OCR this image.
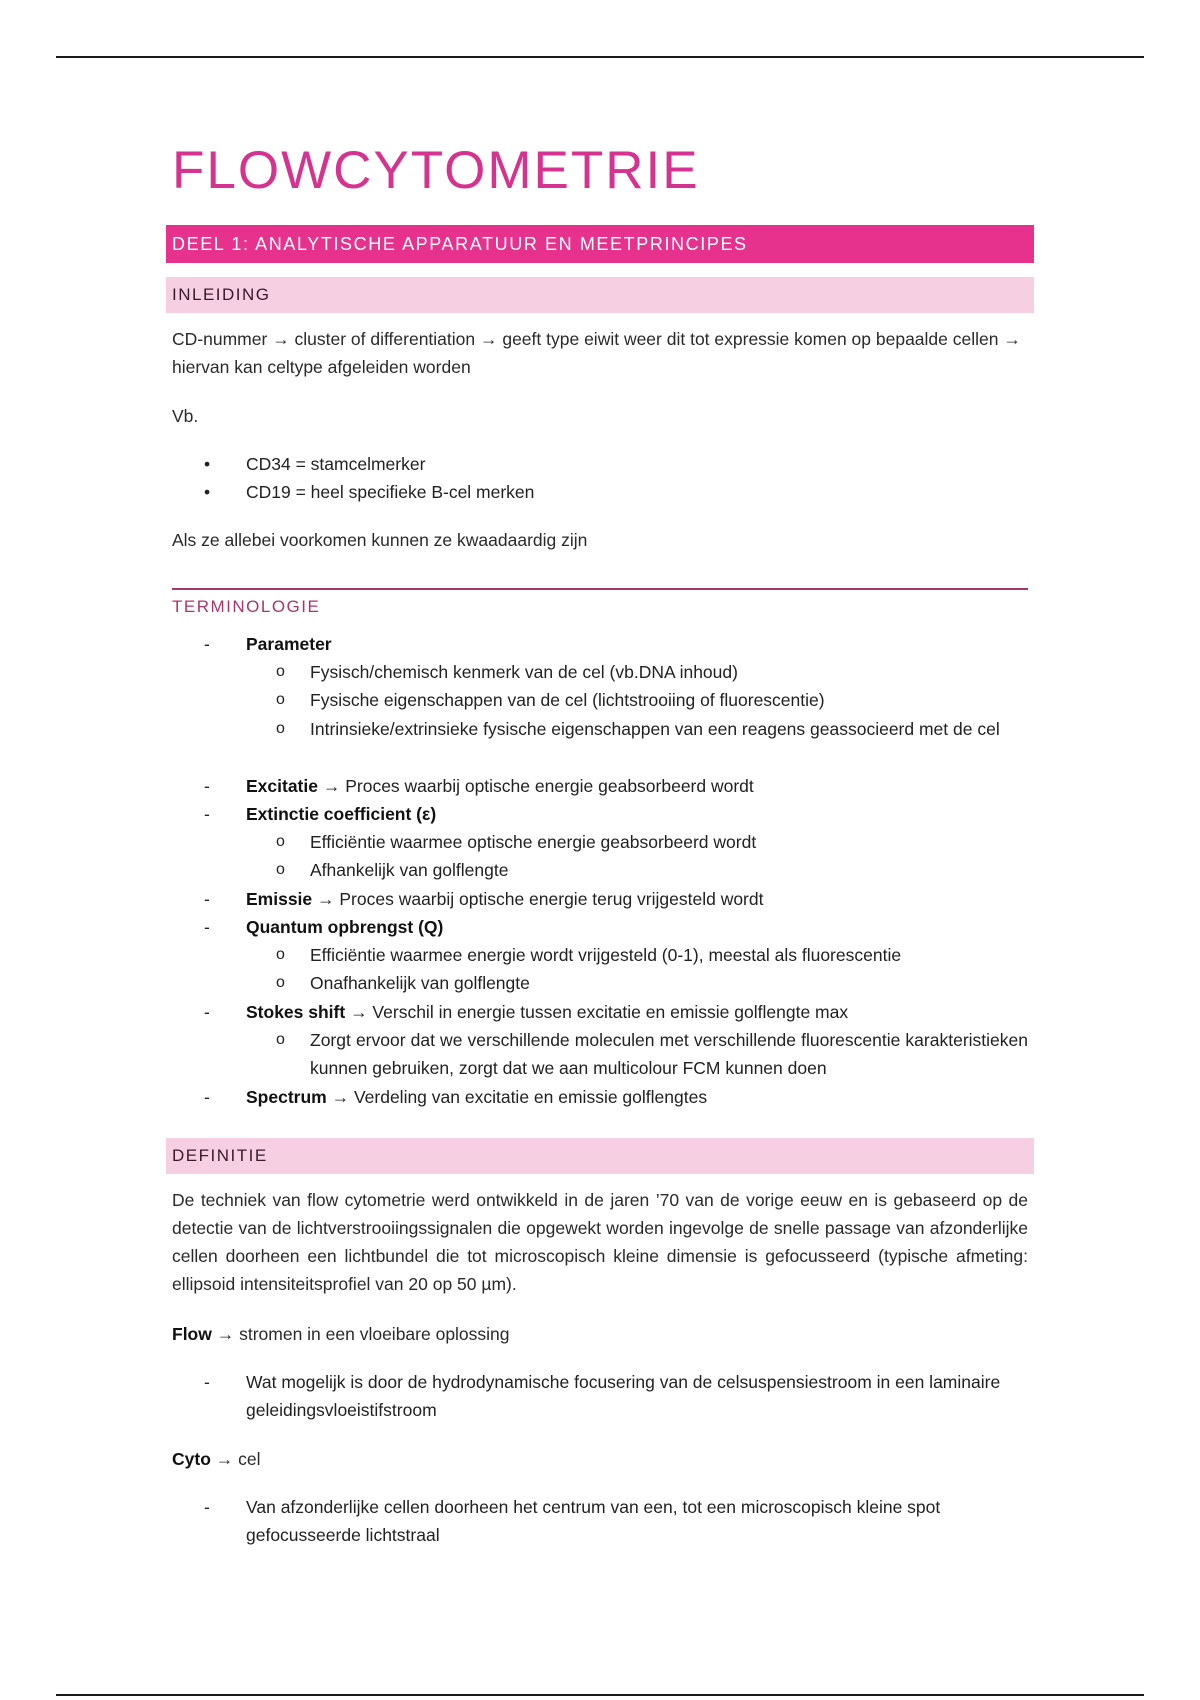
FLOWCYTOMETRIE
DEEL 1: ANALYTISCHE APPARATUUR EN MEETPRINCIPES
INLEIDING

CD-nummer → cluster of differentiation → geeft type eiwit weer dit tot expressie komen op bepaalde cellen → hiervan kan celtype afgeleiden worden

Vb.

•	CD34 = stamcelmerker
•	CD19 = heel specifieke B-cel merken

Als ze allebei voorkomen kunnen ze kwaadaardig zijn

TERMINOLOGIE
- Parameter
o Fysisch/chemisch kenmerk van de cel (vb.DNA inhoud)
o Fysische eigenschappen van de cel (lichtstrooiing of fluorescentie)
o Intrinsieke/extrinsieke fysische eigenschappen van een reagens geassocieerd met de cel
- Excitatie → Proces waarbij optische energie geabsorbeerd wordt
- Extinctie coefficient (ε)
o Efficiëntie waarmee optische energie geabsorbeerd wordt
o Afhankelijk van golflengte
- Emissie → Proces waarbij optische energie terug vrijgesteld wordt
- Quantum opbrengst (Q)
o Efficiëntie waarmee energie wordt vrijgesteld (0-1), meestal als fluorescentie
o Onafhankelijk van golflengte
- Stokes shift → Verschil in energie tussen excitatie en emissie golflengte max
o Zorgt ervoor dat we verschillende moleculen met verschillende fluorescentie karakteristieken kunnen gebruiken, zorgt dat we aan multicolour FCM kunnen doen
- Spectrum → Verdeling van excitatie en emissie golflengtes
DEFINITIE

De techniek van flow cytometrie werd ontwikkeld in de jaren ’70 van de vorige eeuw en is gebaseerd op de detectie van de lichtverstrooiingssignalen die opgewekt worden ingevolge de snelle passage van afzonderlijke cellen doorheen een lichtbundel die tot microscopisch kleine dimensie is gefocusseerd (typische afmeting: ellipsoid intensiteitsprofiel van 20 op 50 µm).

Flow → stromen in een vloeibare oplossing

- Wat mogelijk is door de hydrodynamische focusering van de celsuspensiestroom in een laminaire geleidingsvloeistifstroom

Cyto → cel

- Van afzonderlijke cellen doorheen het centrum van een, tot een microscopisch kleine spot gefocusseerde lichtstraal
